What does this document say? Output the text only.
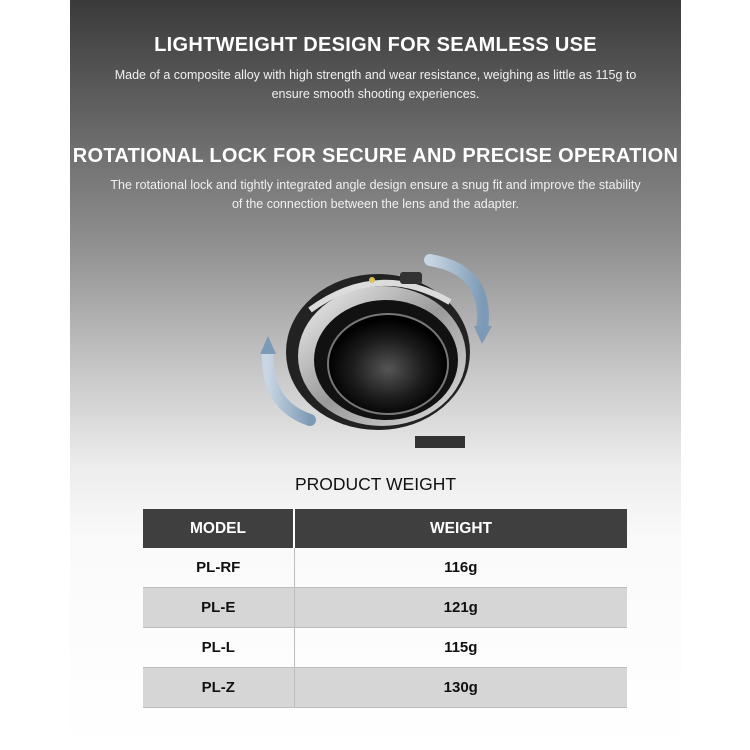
LIGHTWEIGHT DESIGN FOR SEAMLESS USE
Made of a composite alloy with high strength and wear resistance, weighing as little as 115g to ensure smooth shooting experiences.
ROTATIONAL LOCK FOR SECURE AND PRECISE OPERATION
The rotational lock and tightly integrated angle design ensure a snug fit and improve the stability of the connection between the lens and the adapter.
PRODUCT WEIGHT
MODEL	WEIGHT
PL-RF	116g
PL-E	121g
PL-L	115g
PL-Z	130g
